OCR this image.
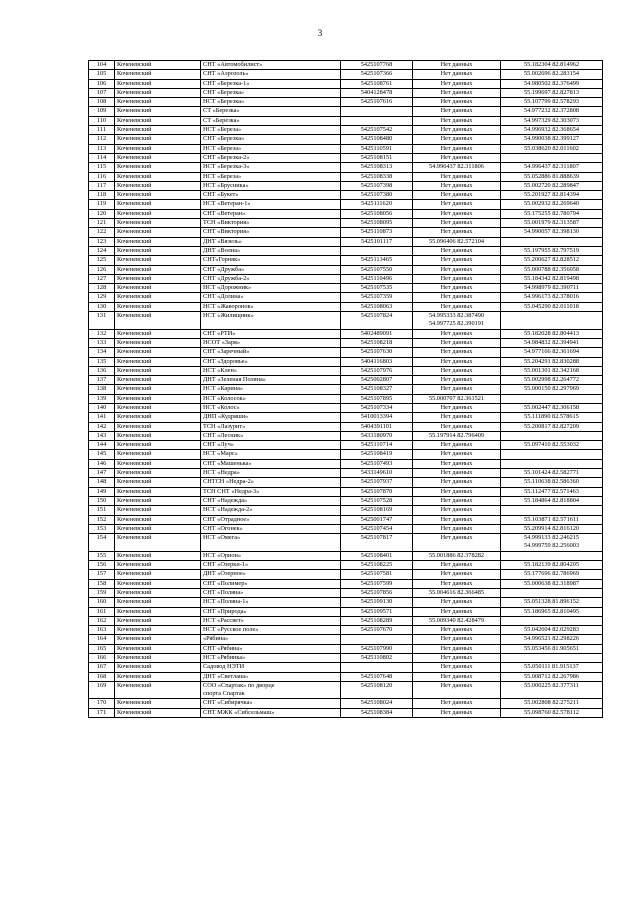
3
104	Коченевский	СНТ «Автомобилист»	5425107768	Нет данных	55.182304 82.814962

105	Коченевский	СНТ «Аэрозоль»	5425107366	Нет данных	55.002696 82.283154

106	Коченевский	СНТ «Березка-1»	5425108761	Нет данных	54.980502 82.376499

107	Коченевский	СНТ «Березка»	5404128478	Нет данных	55.199697 82.827813

108	Коченевский	НСТ «Березка»	5425107616	Нет данных	55.107799 82.578293

109	Коченевский	СТ «Березка»		Нет данных	54.977232 82.372808

110	Коченевский	СТ «Березка»		Нет данных	54.997329 82.303073

111	Коченевский	НСТ «Береза»	5425107542	Нет данных	54.996932 82.368654

112	Коченевский	СНТ «Березка»	5425108480	Нет данных	54.990038 82.399127

113	Коченевский	НСТ «Береза»	5425110591	Нет данных	55.038620 82.011602

114	Коченевский	СНТ «Березка-2»	5425108151	Нет данных	

115	Коченевский	НСТ «Березка-3»	5425108313	54.996437 82.311806	54.996437 82.311807

116	Коченевский	НСТ «Береза»	5425108338	Нет данных	55.052886 81.888639

117	Коченевский	НСТ «Брусника»	5425107398	Нет данных	55.002720 82.289847

118	Коченевский	СНТ «Букет»	5425107380	Нет данных	55.201927 82.814394

119	Коченевский	НСТ «Ветеран-1»	5425111620	Нет данных	55.002932 82.269640

120	Коченевский	СНТ «Ветеран»	5425108056	Нет данных	55.175255 82.780794

121	Коченевский	ТСН «Виктория»	5425108095	Нет данных	55.001979 82.313587

122	Коченевский	СНТ «Виктория»	5425110873	Нет данных	54.990057 82.398130

123	Коченевский	ДНТ «Вязель»	5425101117	55.096406 82.572104	

124	Коченевский	ДНТ «Волна»		Нет данных	55.197955 82.797519

125	Коченевский	СНТ«Горняк»	5425113465	Нет данных	55.200627 82.828512

126	Коченевский	СНТ «Дружба»	5425107550	Нет данных	55.000788 82.356058

127	Коченевский	СНТ «Дружба-2»	5425110496	Нет данных	55.184342 82.819498

128	Коченевский	НСТ «Дорожник»	5425107535	Нет данных	54.998979 82.390711

129	Коченевский	СНТ «Долина»	5425107359	Нет данных	54.996173 82.378016

130	Коченевский	НСТ «Жаворонок»	5425108063	Нет данных	55.045290 82.011018

131	Коченевский	НСТ «Жилищник»	5425107824	54.995333 82.387490
54.997725 82.390191	

132	Коченевский	СНТ «РТИ»	5402489091	Нет данных	55.182028 82.804413

133	Коченевский	НСОТ «Заря»	5425108218	Нет данных	54.984832 82.394941

134	Коченевский	СНТ «Заречный»	5425107630	Нет данных	54.977166 82.361694

135	Коченевский	СНТ «Здоровье»	5404116803	Нет данных	55.204291 82.830288

136	Коченевский	НСТ «Клен»	5425107976	Нет данных	55.001301 82.342168

137	Коченевский	ДНТ «Зеленая Поляна»	5425002807	Нет данных	55.002998 82.264772

138	Коченевский	НСТ «Карина»	5425108327	Нет данных	55.000150 82.297969

139	Коченевский	НСТ «Колосок»	5425107895	55.000707 82.361521	

140	Коченевский	НСТ «Колос»	5425107334	Нет данных	55.002447 82.306158

141	Коченевский	ДНП «Кудряши»	5410013394	Нет данных	55.111890 82.578615

142	Коченевский	ТСН «Лазурит»	5404391101	Нет данных	55.200817 82.827209

143	Коченевский	СНТ «Лесник»	5433180970	55.197914 82.796409	

144	Коченевский	СНТ «Луч»	5425110714	Нет данных	55.097410 82.553032

145	Коченевский	НСТ «Марс»	5425108419	Нет данных	

146	Коченевский	СНТ «Машенька»	5425107493	Нет данных	

147	Коченевский	НСТ «Недра»	5433149610	Нет данных	55.101424 82.582771

148	Коченевский	СНТСН «Недра-2»	5425107937	Нет данных	55.110638 82.586360

149	Коченевский	ТСН СНТ «Недра-3»	5425107870	Нет данных	55.112477 82.571463

150	Коченевский	СНТ «Надежда»	5425107528	Нет данных	55.184864 82.818804

151	Коченевский	НСТ «Надежда-2»	5425108169	Нет данных	

152	Коченевский	СНТ «Отрадное»	5425001747	Нет данных	55.103871 82.571611

153	Коченевский	СНТ «Огонек»	5425107454	Нет данных	55.209914 82.816120

154	Коченевский	НСТ «Омега»	5425107817	Нет данных	54.999133 82.246215
54.999759 82.256003

155	Коченевский	НСТ «Орион»	5425108401	55.001886 82.378282	

156	Коченевский	СНТ «Озерки-1»	5425108225	Нет данных	55.182139 82.804205

157	Коченевский	ДНТ «Озерное»	5425107581	Нет данных	55.177696 82.786969

158	Коченевский	СНТ «Полимер»	5425107599	Нет данных	55.000638 82.318987

159	Коченевский	СНТ «Поляна»	5425107856	55.004616 82.366485	

160	Коченевский	НСТ «Поляна-1»	5425109130	Нет данных	55.051328 81.896152

161	Коченевский	СНТ «Природа»	5425109571	Нет данных	55.186965 82.810495

162	Коченевский	НСТ «Рассвет»	5425108289	55.009340 82.428479	

163	Коченевский	НСТ «Русское поле»	5425107670	Нет данных	55.042604 82.029283

164	Коченевский	«Рябина»		Нет данных	54.996521 82.298226

165	Коченевский	СНТ «Рябина»	5425107990	Нет данных	55.053456 81.905651

166	Коченевский	НСТ «Рябинка»	5425110802	Нет данных	

167	Коченевский	Садовод НЭТИ		Нет данных	55.050111 81.915137

168	Коченевский	ДНТ «Светлана»	5425107648	Нет данных	55.008712 82.267986

169	Коченевский	СОО «Спартак» по дворце
спорта Спартак	5425108120	Нет данных	55.000225 82.377311

170	Коченевский	СНТ «Сибирячка»	5425108024	Нет данных	55.002808 82.275211

171	Коченевский	СНТ МЖК «Сибсельмаш»	5425108384	Нет данных	55.098760 82.578112
